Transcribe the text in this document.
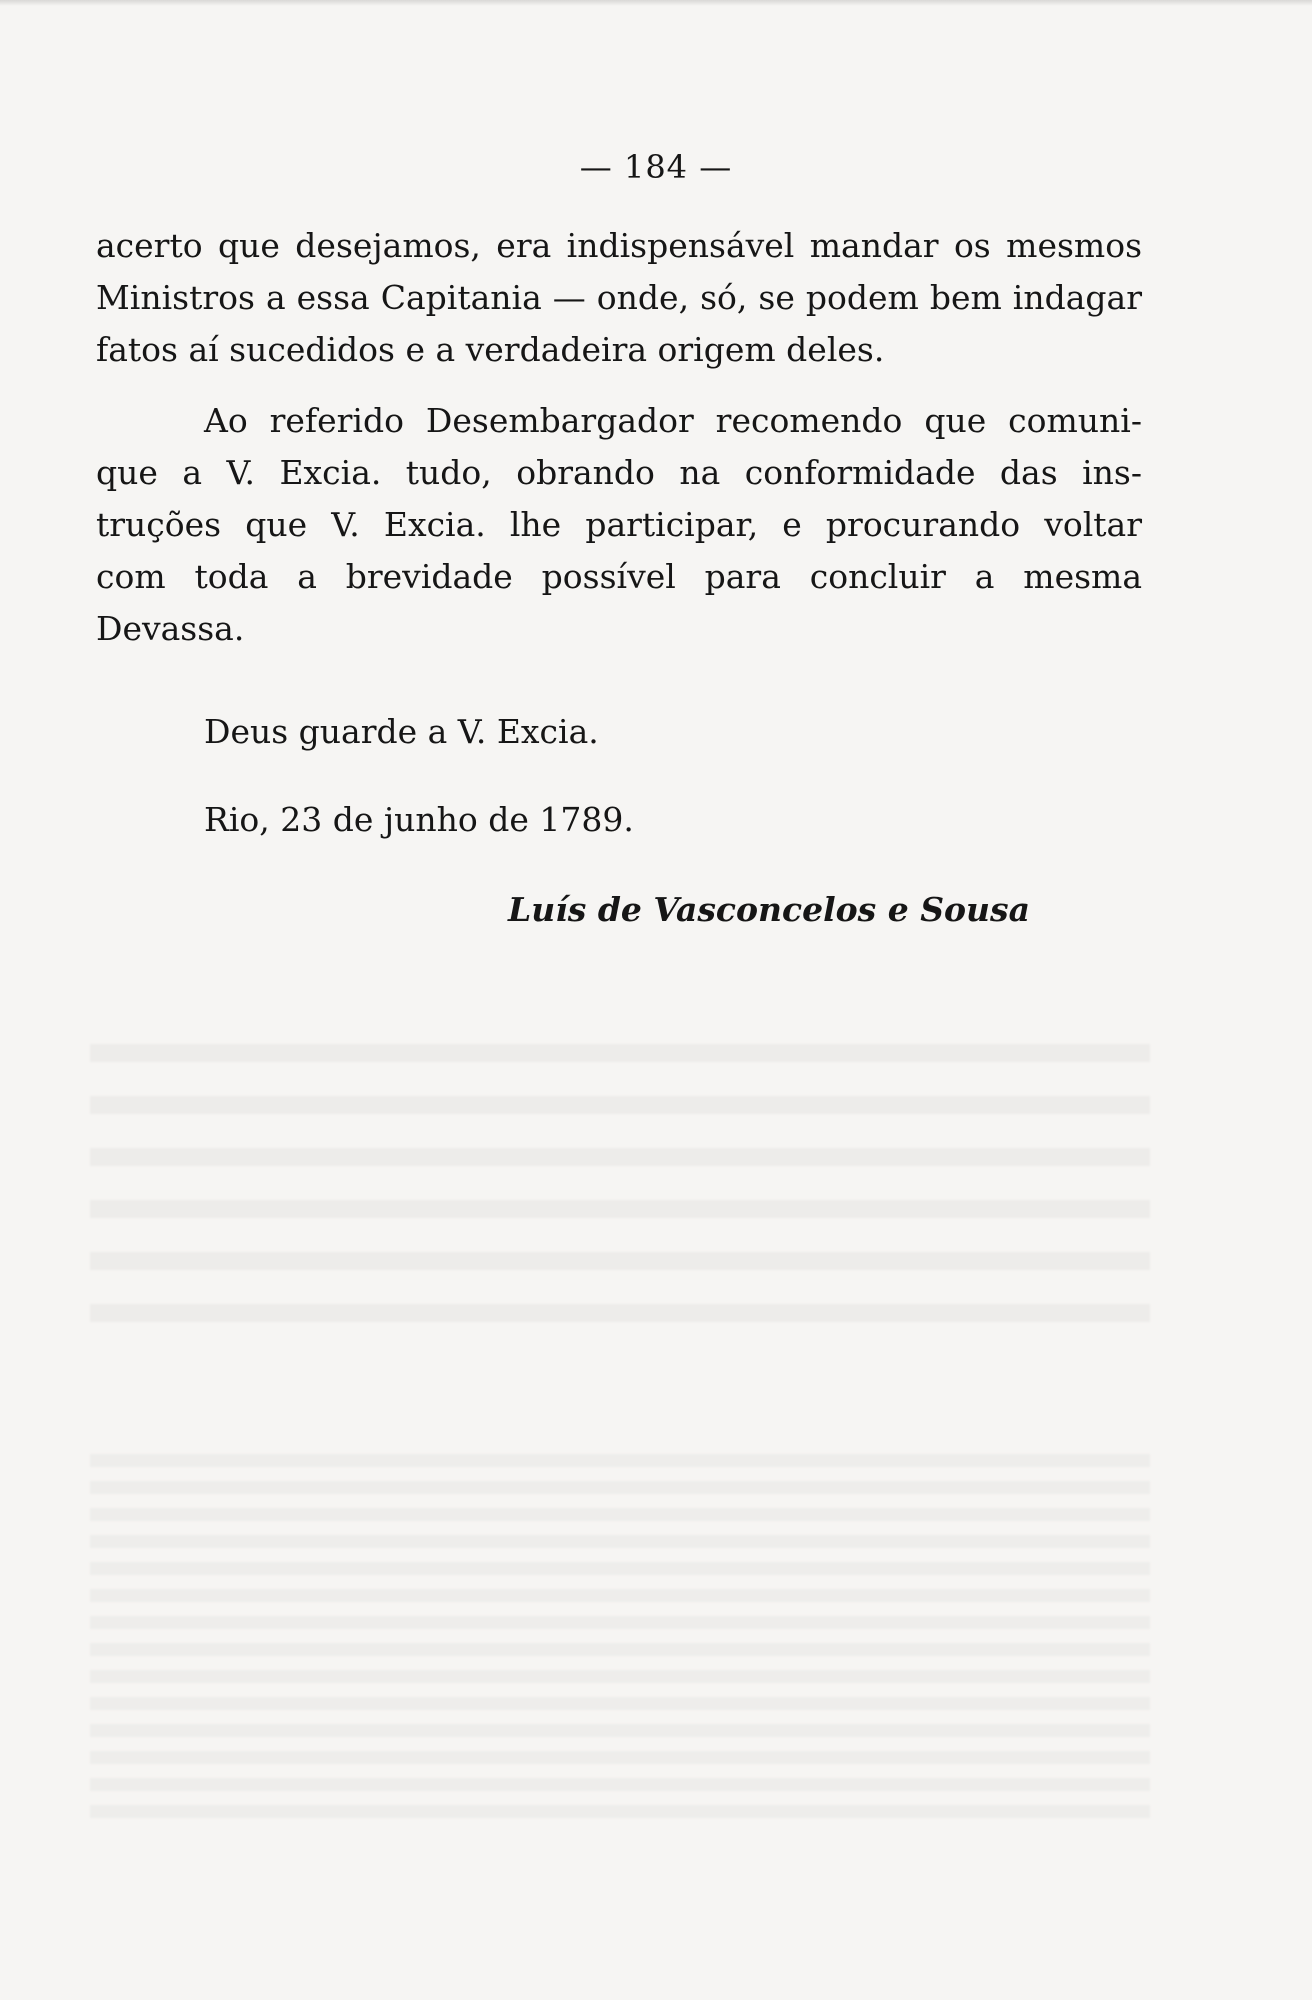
— 184 —
acerto que desejamos, era indispensável mandar os mesmos
Ministros a essa Capitania — onde, só, se podem bem indagar
fatos aí sucedidos e a verdadeira origem deles.
Ao referido Desembargador recomendo que comuni-
que a V. Excia. tudo, obrando na conformidade das ins-
truções que V. Excia. lhe participar, e procurando voltar
com toda a brevidade possível para concluir a mesma
Devassa.
Deus guarde a V. Excia.
Rio, 23 de junho de 1789.
Luís de Vasconcelos e Sousa
